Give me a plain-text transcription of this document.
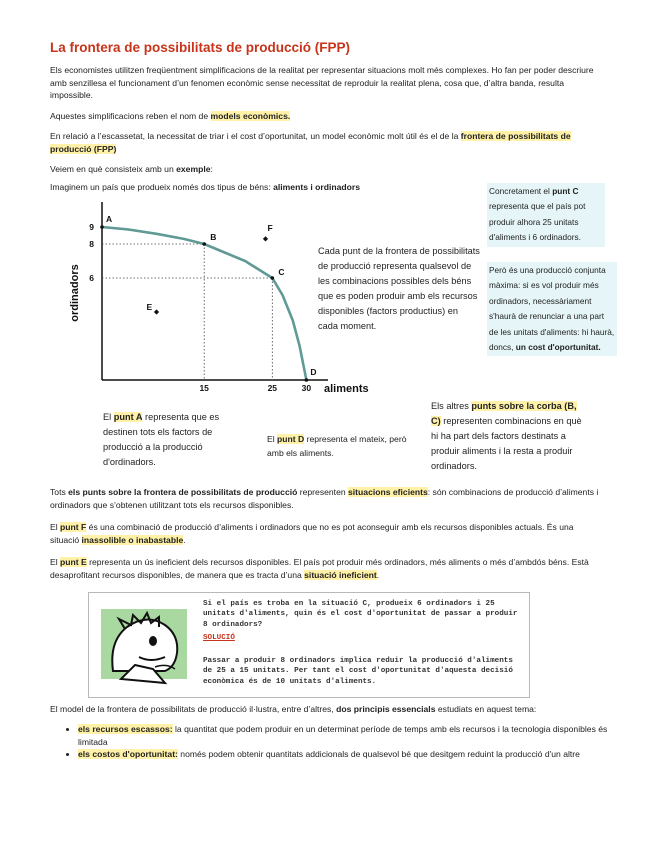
La frontera de possibilitats de producció (FPP)

Els economistes utilitzen freqüentment simplificacions de la realitat per representar situacions molt més complexes. Ho fan per poder descriure amb senzillesa el funcionament d’un fenomen econòmic sense necessitat de reproduir la realitat plena, cosa que, d’altra banda, resulta impossible.

Aquestes simplificacions reben el nom de models econòmics.

En relació a l’escassetat, la necessitat de triar i el cost d’oportunitat, un model econòmic molt útil és el de la frontera de possibilitats de producció (FPP)

Veiem en què consisteix amb un exemple:

Imaginem un país que produeix només dos tipus de béns: aliments i ordinadors

aliments
ordinadors
15	25	30
9
8
6
A
B
C
D
E
F

Cada punt de la frontera de possibilitats de producció representa qualsevol de les combinacions possibles dels béns que es poden produir amb els recursos disponibles (factors productius) en cada moment.

Concretament el punt C representa que el país pot produir alhora 25 unitats d'aliments i 6 ordinadors.
Però és una producció conjunta màxima: si es vol produir més ordinadors, necessàriament s'haurà de renunciar a una part de les unitats d'aliments: hi haurà, doncs, un cost d'oportunitat.

El punt A representa que es destinen tots els factors de producció a la producció d'ordinadors.

El punt D representa el mateix, però amb els aliments.

Els altres punts sobre la corba (B, C) representen combinacions en què hi ha part dels factors destinats a produir aliments i la resta a produir ordinadors.

Tots els punts sobre la frontera de possibilitats de producció representen situacions eficients: són combinacions de producció d’aliments i ordinadors que s’obtenen utilitzant tots els recursos disponibles.

El punt F és una combinació de producció d’aliments i ordinadors que no es pot aconseguir amb els recursos disponibles actuals. És una situació inassolible o inabastable.

El punt E representa un ús ineficient dels recursos disponibles. El país pot produir més ordinadors, més aliments o més d’ambdós béns. Està desaprofitant recursos disponibles, de manera que es tracta d’una situació ineficient.

Si el país es troba en la situació C, produeix 6 ordinadors i 25 unitats d'aliments, quin és el cost d'oportunitat de passar a produir 8 ordinadors?

SOLUCIÓ

Passar a produir 8 ordinadors implica reduir la producció d'aliments de 25 a 15 unitats. Per tant el cost d'oportunitat d'aquesta decisió econòmica és de 10 unitats d'aliments.

El model de la frontera de possibilitats de producció il·lustra, entre d’altres, dos principis essencials estudiats en aquest tema:

• els recursos escassos: la quantitat que podem produir en un determinat període de temps amb els recursos i la tecnologia disponibles és limitada
• els costos d'oportunitat: només podem obtenir quantitats addicionals de qualsevol bé que desitgem reduint la producció d'un altre
